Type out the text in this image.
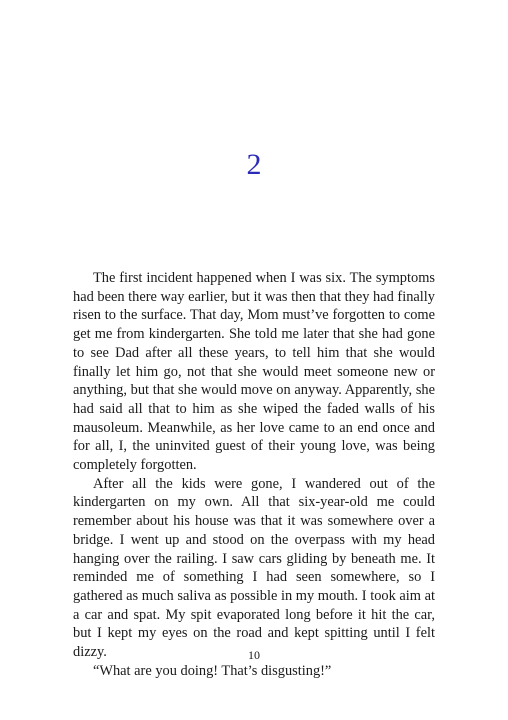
2

The first incident happened when I was six. The symptoms had been there way earlier, but it was then that they had finally risen to the surface. That day, Mom must’ve forgotten to come get me from kindergarten. She told me later that she had gone to see Dad after all these years, to tell him that she would finally let him go, not that she would meet someone new or anything, but that she would move on anyway. Apparently, she had said all that to him as she wiped the faded walls of his mausoleum. Meanwhile, as her love came to an end once and for all, I, the uninvited guest of their young love, was being completely forgotten.

After all the kids were gone, I wandered out of the kindergarten on my own. All that six-year-old me could remember about his house was that it was somewhere over a bridge. I went up and stood on the overpass with my head hanging over the railing. I saw cars gliding by beneath me. It reminded me of something I had seen somewhere, so I gathered as much saliva as possible in my mouth. I took aim at a car and spat. My spit evaporated long before it hit the car, but I kept my eyes on the road and kept spitting until I felt dizzy.

“What are you doing! That’s disgusting!”

10
